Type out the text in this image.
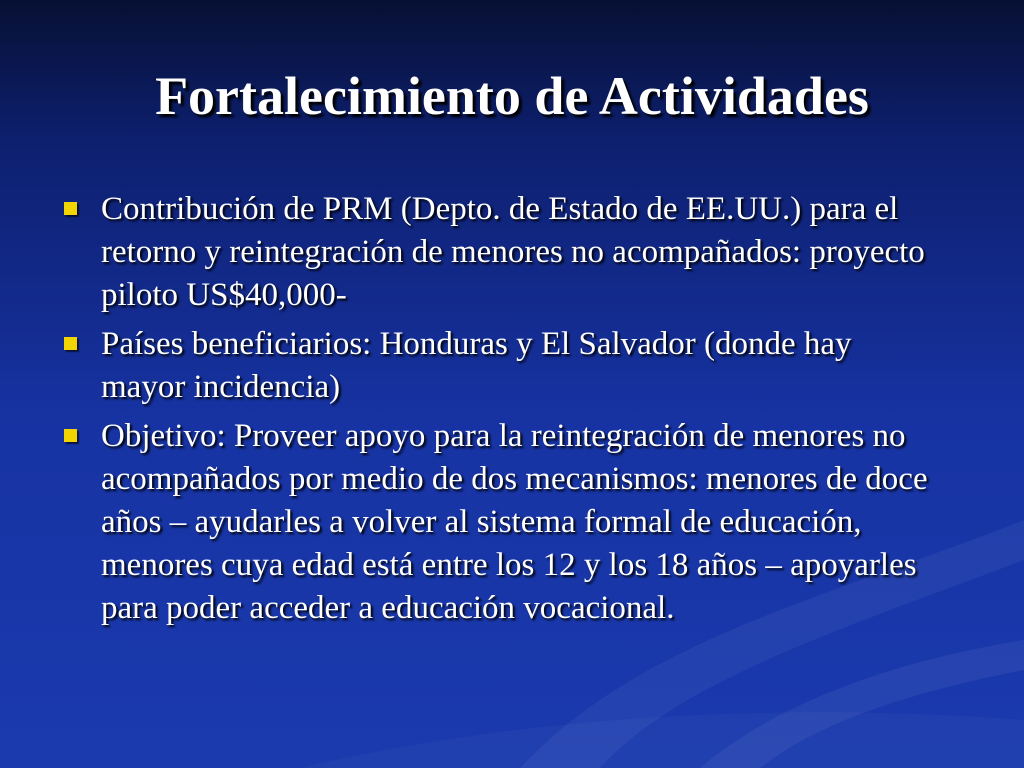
Fortalecimiento de Actividades
Contribución de PRM (Depto. de Estado de EE.UU.) para el retorno y reintegración de menores no acompañados: proyecto piloto US$40,000-
Países beneficiarios: Honduras y El Salvador (donde hay mayor incidencia)
Objetivo: Proveer apoyo para la reintegración de menores no acompañados por medio de dos mecanismos: menores de doce años – ayudarles a volver al sistema formal de educación, menores cuya edad está entre los 12 y los 18 años – apoyarles para poder acceder a educación vocacional.
